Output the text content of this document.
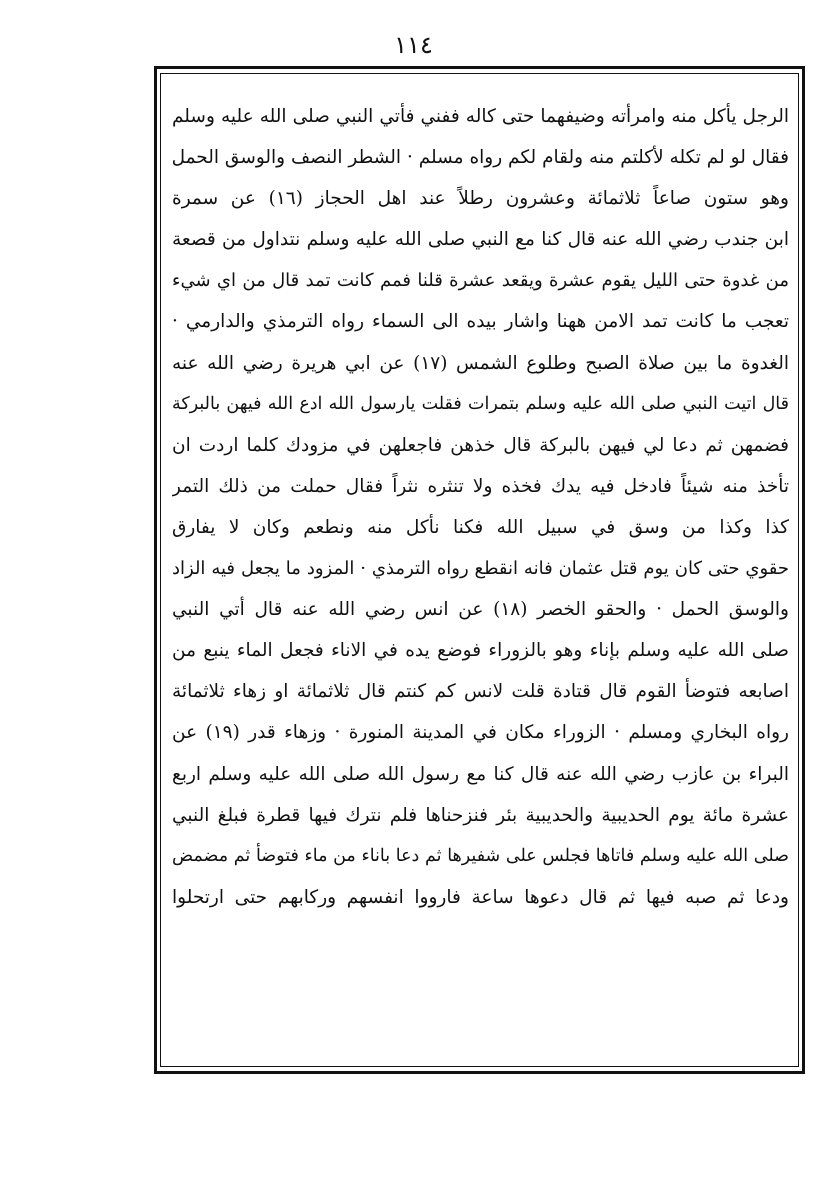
١١٤
الرجل يأكل منه وامرأته وضيفهما حتى كاله ففني فأتي النبي صلى الله عليه وسلم
فقال لو لم تكله لأكلتم منه ولقام لكم رواه مسلم · الشطر النصف والوسق الحمل
وهو ستون صاعاً ثلاثمائة وعشرون رطلاً عند اهل الحجاز (١٦) عن سمرة
ابن جندب رضي الله عنه قال كنا مع النبي صلى الله عليه وسلم نتداول من قصعة
من غدوة حتى الليل يقوم عشرة ويقعد عشرة قلنا فمم كانت تمد قال من اي شيء
تعجب ما كانت تمد الامن ههنا واشار بيده الى السماء رواه الترمذي والدارمي ·
الغدوة ما بين صلاة الصبح وطلوع الشمس (١٧) عن ابي هريرة رضي الله عنه
قال اتيت النبي صلى الله عليه وسلم بتمرات فقلت يارسول الله ادع الله فيهن بالبركة
فضمهن ثم دعا لي فيهن بالبركة قال خذهن فاجعلهن في مزودك كلما اردت ان
تأخذ منه شيئاً فادخل فيه يدك فخذه ولا تنثره نثراً فقال حملت من ذلك التمر
كذا وكذا من وسق في سبيل الله فكنا نأكل منه ونطعم وكان لا يفارق
حقوي حتى كان يوم قتل عثمان فانه انقطع رواه الترمذي · المزود ما يجعل فيه الزاد
والوسق الحمل · والحقو الخصر (١٨) عن انس رضي الله عنه قال أتي النبي
صلى الله عليه وسلم بإناء وهو بالزوراء فوضع يده في الاناء فجعل الماء ينبع من
اصابعه فتوضأ القوم قال قتادة قلت لانس كم كنتم قال ثلاثمائة او زهاء ثلاثمائة
رواه البخاري ومسلم · الزوراء مكان في المدينة المنورة · وزهاء قدر (١٩) عن
البراء بن عازب رضي الله عنه قال كنا مع رسول الله صلى الله عليه وسلم اربع
عشرة مائة يوم الحديبية والحديبية بئر فنزحناها فلم نترك فيها قطرة فبلغ النبي
صلى الله عليه وسلم فاتاها فجلس على شفيرها ثم دعا باناء من ماء فتوضأ ثم مضمض
ودعا ثم صبه فيها ثم قال دعوها ساعة فارووا انفسهم وركابهم حتى ارتحلوا
